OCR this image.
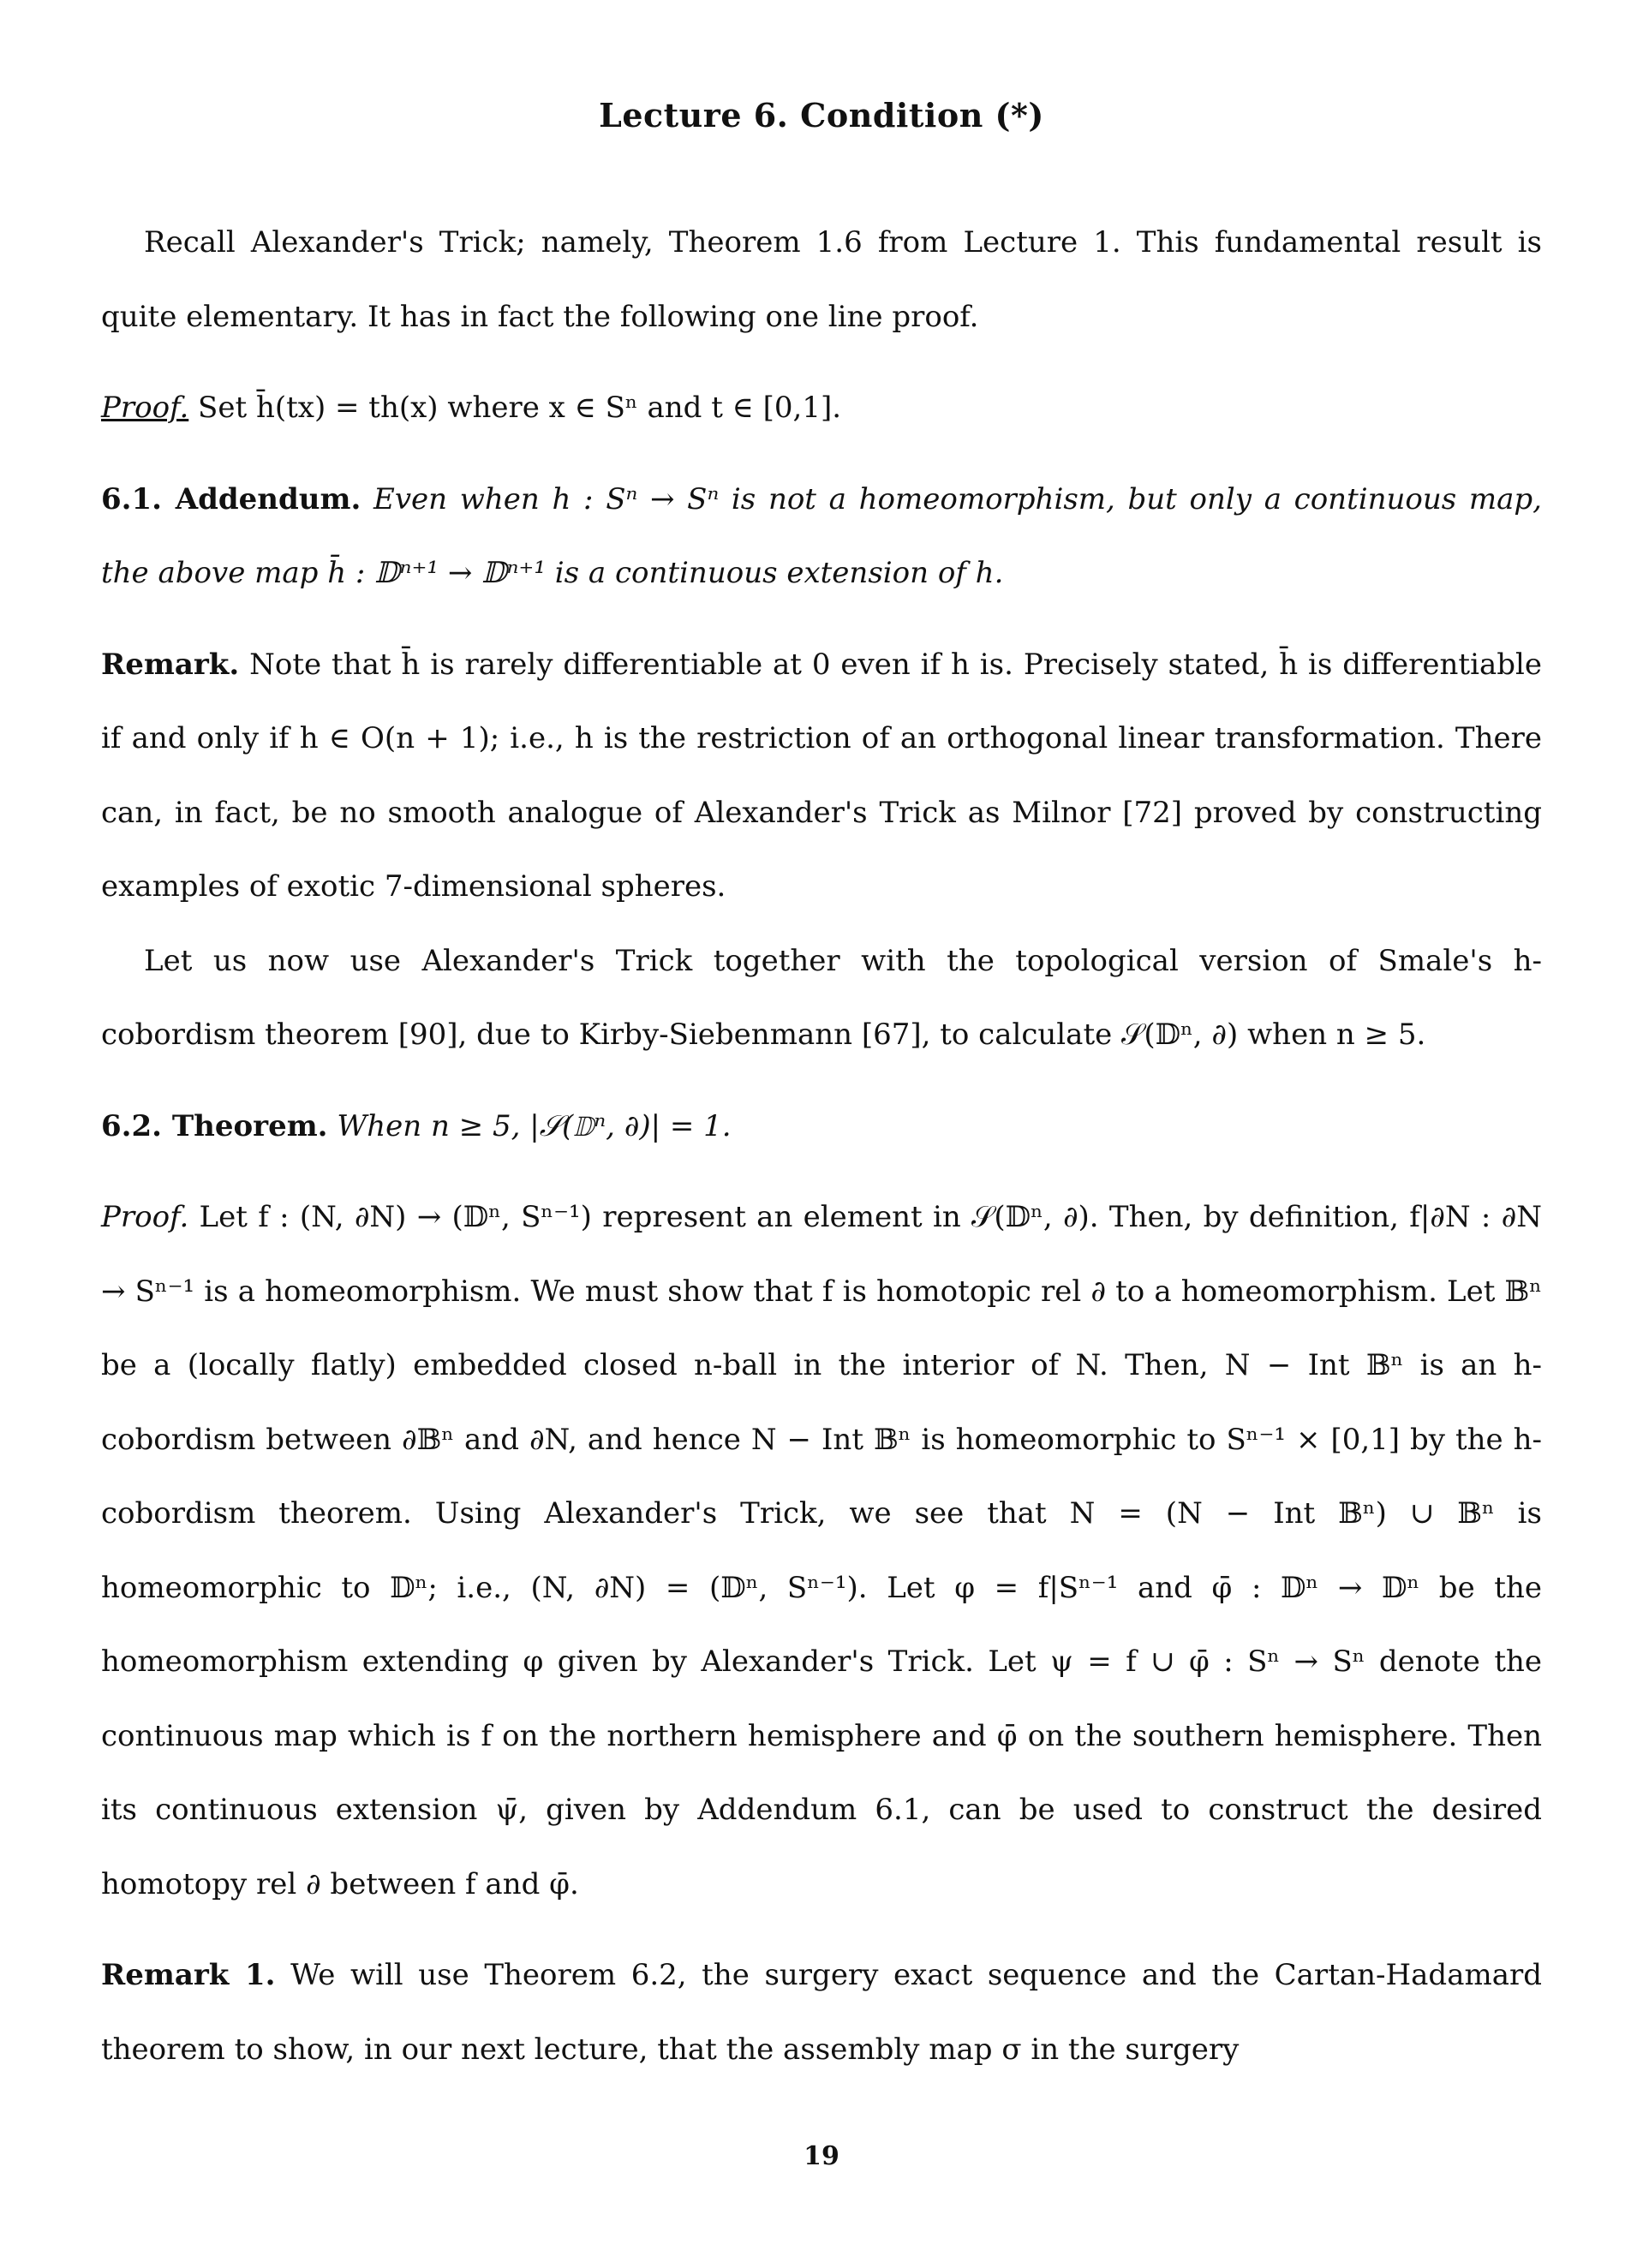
Lecture 6. Condition (*)

Recall Alexander's Trick; namely, Theorem 1.6 from Lecture 1. This fundamental result is quite elementary. It has in fact the following one line proof.

Proof. Set h̄(tx) = th(x) where x ∈ Sⁿ and t ∈ [0,1].

6.1. Addendum. Even when h : Sⁿ → Sⁿ is not a homeomorphism, but only a continuous map, the above map h̄ : 𝔻ⁿ⁺¹ → 𝔻ⁿ⁺¹ is a continuous extension of h.

Remark. Note that h̄ is rarely differentiable at 0 even if h is. Precisely stated, h̄ is differentiable if and only if h ∈ O(n + 1); i.e., h is the restriction of an orthogonal linear transformation. There can, in fact, be no smooth analogue of Alexander's Trick as Milnor [72] proved by constructing examples of exotic 7-dimensional spheres.

Let us now use Alexander's Trick together with the topological version of Smale's h-cobordism theorem [90], due to Kirby-Siebenmann [67], to calculate 𝒮(𝔻ⁿ, ∂) when n ≥ 5.

6.2. Theorem. When n ≥ 5, |𝒮(𝔻ⁿ, ∂)| = 1.

Proof. Let f : (N, ∂N) → (𝔻ⁿ, Sⁿ⁻¹) represent an element in 𝒮(𝔻ⁿ, ∂). Then, by definition, f|∂N : ∂N → Sⁿ⁻¹ is a homeomorphism. We must show that f is homotopic rel ∂ to a homeomorphism. Let 𝔹ⁿ be a (locally flatly) embedded closed n-ball in the interior of N. Then, N − Int 𝔹ⁿ is an h-cobordism between ∂𝔹ⁿ and ∂N, and hence N − Int 𝔹ⁿ is homeomorphic to Sⁿ⁻¹ × [0,1] by the h-cobordism theorem. Using Alexander's Trick, we see that N = (N − Int 𝔹ⁿ) ∪ 𝔹ⁿ is homeomorphic to 𝔻ⁿ; i.e., (N, ∂N) = (𝔻ⁿ, Sⁿ⁻¹). Let φ = f|Sⁿ⁻¹ and φ̄ : 𝔻ⁿ → 𝔻ⁿ be the homeomorphism extending φ given by Alexander's Trick. Let ψ = f ∪ φ̄ : Sⁿ → Sⁿ denote the continuous map which is f on the northern hemisphere and φ̄ on the southern hemisphere. Then its continuous extension ψ̄, given by Addendum 6.1, can be used to construct the desired homotopy rel ∂ between f and φ̄.

Remark 1. We will use Theorem 6.2, the surgery exact sequence and the Cartan-Hadamard theorem to show, in our next lecture, that the assembly map σ in the surgery

19
